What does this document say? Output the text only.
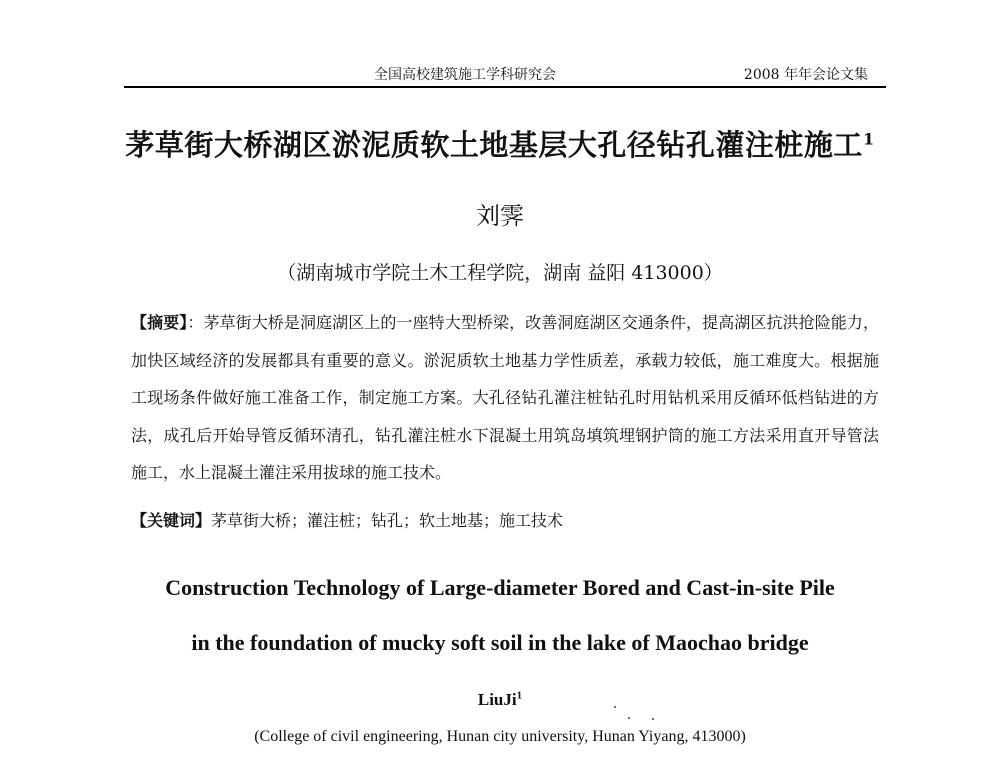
全国高校建筑施工学科研究会	2008 年年会论文集
茅草街大桥湖区淤泥质软土地基层大孔径钻孔灌注桩施工$^1$
刘霁
（湖南城市学院土木工程学院，湖南 益阳 413000）
【摘要】：茅草街大桥是洞庭湖区上的一座特大型桥梁，改善洞庭湖区交通条件，提高湖区抗洪抢险能力，加快区域经济的发展都具有重要的意义。淤泥质软土地基力学性质差，承载力较低，施工难度大。根据施工现场条件做好施工准备工作，制定施工方案。大孔径钻孔灌注桩钻孔时用钻机采用反循环低档钻进的方法，成孔后开始导管反循环清孔，钻孔灌注桩水下混凝土用筑岛填筑埋钢护筒的施工方法采用直开导管法施工，水上混凝土灌注采用拔球的施工技术。
【关键词】茅草街大桥；灌注桩；钻孔；软土地基；施工技术
Construction Technology of Large-diameter Bored and Cast-in-site Pile
in the foundation of mucky soft soil in the lake of Maochao bridge
LiuJi$^1$
(College of civil engineering, Hunan city university, Hunan Yiyang, 413000)
